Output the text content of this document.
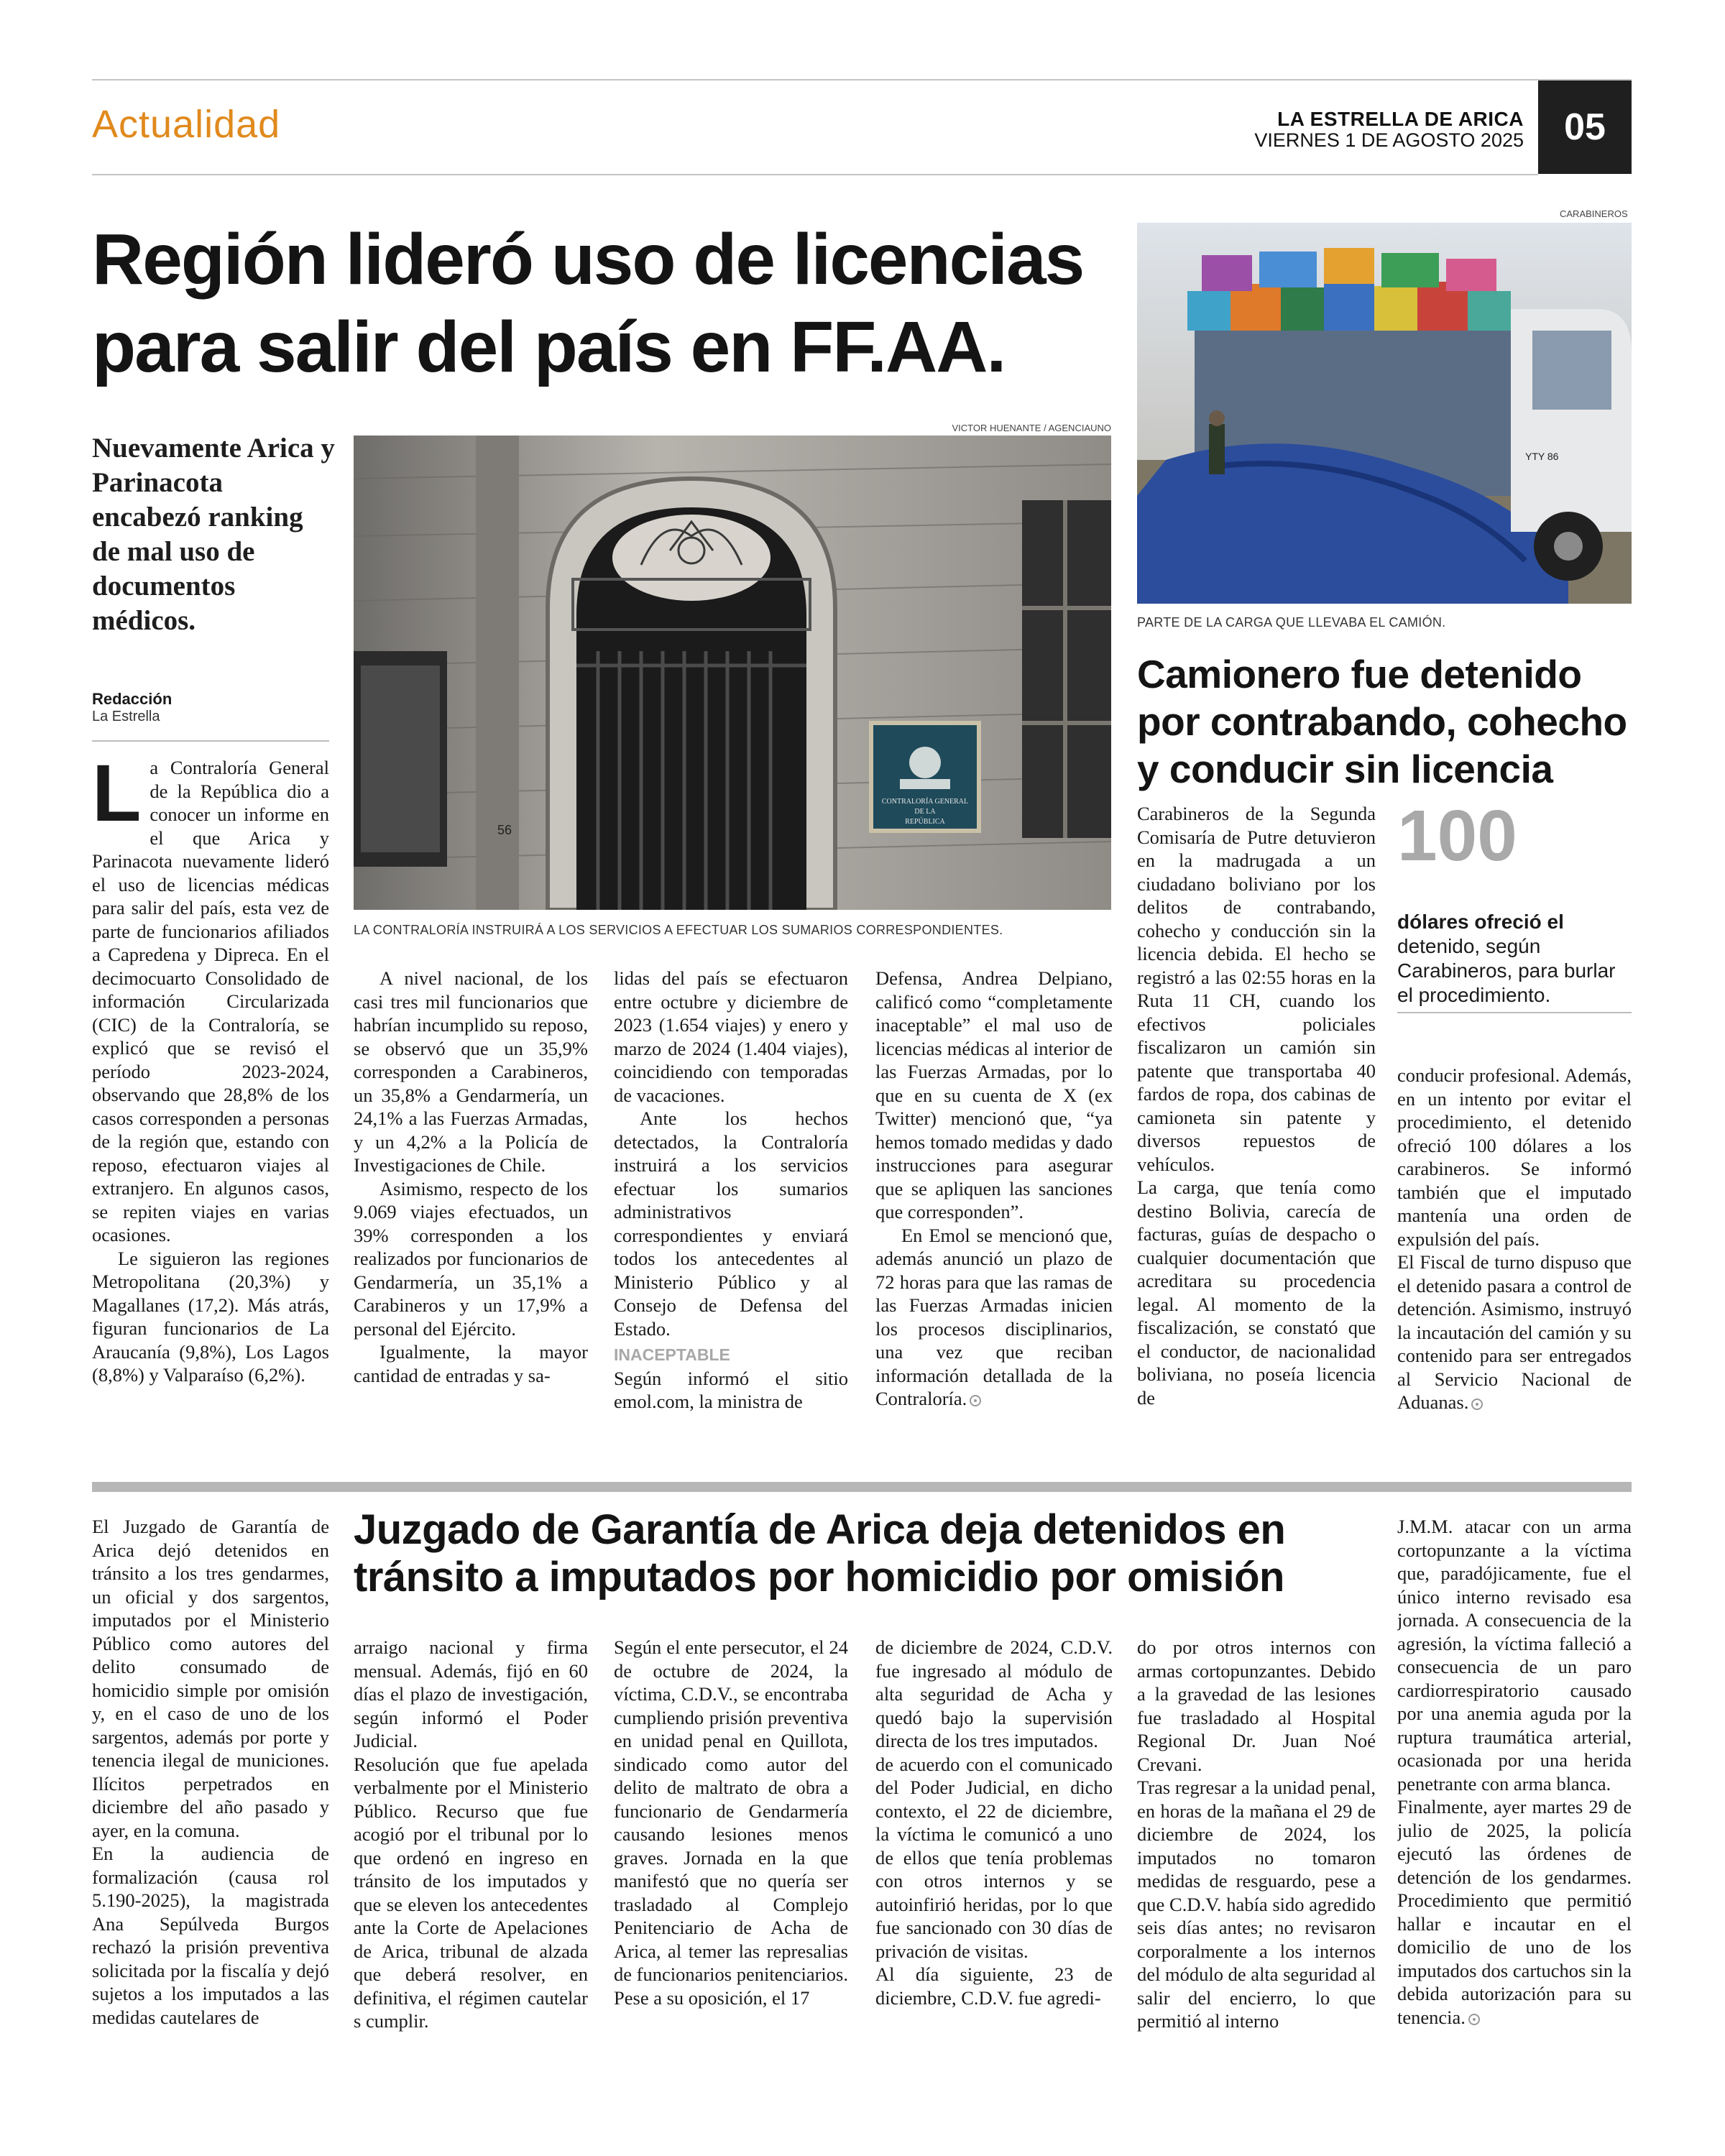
Actualidad	LA ESTRELLA DE ARICA
VIERNES 1 DE AGOSTO 2025 05
Región lideró uso de licencias para salir del país en FF.AA.
Nuevamente Arica y Parinacota encabezó ranking de mal uso de documentos médicos.
Redacción
La Estrella
VICTOR HUENANTE / AGENCIAUNO
56
CONTRALORÍA GENERAL
DE LA
REPÚBLICA
LA CONTRALORÍA INSTRUIRÁ A LOS SERVICIOS A EFECTUAR LOS SUMARIOS CORRESPONDIENTES.

La Contraloría General de la República dio a conocer un informe en el que Arica y Parinacota nuevamente lideró el uso de licencias médicas para salir del país, esta vez de parte de funcionarios afiliados a Capredena y Dipreca. En el decimocuarto Consolidado de información Circularizada (CIC) de la Contraloría, se explicó que se revisó el período 2023-2024, observando que 28,8% de los casos corresponden a personas de la región que, estando con reposo, efectuaron viajes al extranjero. En algunos casos, se repiten viajes en varias ocasiones.

Le siguieron las regiones Metropolitana (20,3%) y Magallanes (17,2). Más atrás, figuran funcionarios de La Araucanía (9,8%), Los Lagos (8,8%) y Valparaíso (6,2%).

A nivel nacional, de los casi tres mil funcionarios que habrían incumplido su reposo, se observó que un 35,9% corresponden a Carabineros, un 35,8% a Gendarmería, un 24,1% a las Fuerzas Armadas, y un 4,2% a la Policía de Investigaciones de Chile.

Asimismo, respecto de los 9.069 viajes efectuados, un 39% corresponden a los realizados por funcionarios de Gendarmería, un 35,1% a Carabineros y un 17,9% a personal del Ejército.

Igualmente, la mayor cantidad de entradas y sa-

lidas del país se efectuaron entre octubre y diciembre de 2023 (1.654 viajes) y enero y marzo de 2024 (1.404 viajes), coincidiendo con temporadas de vacaciones.

Ante los hechos detectados, la Contraloría instruirá a los servicios efectuar los sumarios administrativos correspondientes y enviará todos los antecedentes al Ministerio Público y al Consejo de Defensa del Estado.

INACEPTABLE

Según informó el sitio emol.com, la ministra de

Defensa, Andrea Delpiano, calificó como “completamente inaceptable” el mal uso de licencias médicas al interior de las Fuerzas Armadas, por lo que en su cuenta de X (ex Twitter) mencionó que, “ya hemos tomado medidas y dado instrucciones para asegurar que se apliquen las sanciones que corresponden”.

En Emol se mencionó que, además anunció un plazo de 72 horas para que las ramas de las Fuerzas Armadas inicien los procesos disciplinarios, una vez que reciban información detallada de la Contraloría.

CARABINEROS
YTY 86
PARTE DE LA CARGA QUE LLEVABA EL CAMIÓN.
Camionero fue detenido por contrabando, cohecho y conducir sin licencia

Carabineros de la Segunda Comisaría de Putre detuvieron en la madrugada a un ciudadano boliviano por los delitos de contrabando, cohecho y conducción sin la licencia debida. El hecho se registró a las 02:55 horas en la Ruta 11 CH, cuando los efectivos policiales fiscalizaron un camión sin patente que transportaba 40 fardos de ropa, dos cabinas de camioneta sin patente y diversos repuestos de vehículos.

La carga, que tenía como destino Bolivia, carecía de facturas, guías de despacho o cualquier documentación que acreditara su procedencia legal. Al momento de la fiscalización, se constató que el conductor, de nacionalidad boliviana, no poseía licencia de

100
dólares ofreció el detenido, según Carabineros, para burlar el procedimiento.

conducir profesional. Además, en un intento por evitar el procedimiento, el detenido ofreció 100 dólares a los carabineros. Se informó también que el imputado mantenía una orden de expulsión del país.

El Fiscal de turno dispuso que el detenido pasara a control de detención. Asimismo, instruyó la incautación del camión y su contenido para ser entregados al Servicio Nacional de Aduanas.

El Juzgado de Garantía de Arica dejó detenidos en tránsito a los tres gendarmes, un oficial y dos sargentos, imputados por el Ministerio Público como autores del delito consumado de homicidio simple por omisión y, en el caso de uno de los sargentos, además por porte y tenencia ilegal de municiones. Ilícitos perpetrados en diciembre del año pasado y ayer, en la comuna.

En la audiencia de formalización (causa rol 5.190-2025), la magistrada Ana Sepúlveda Burgos rechazó la prisión preventiva solicitada por la fiscalía y dejó sujetos a los imputados a las medidas cautelares de

Juzgado de Garantía de Arica deja detenidos en tránsito a imputados por homicidio por omisión

arraigo nacional y firma mensual. Además, fijó en 60 días el plazo de investigación, según informó el Poder Judicial.

Resolución que fue apelada verbalmente por el Ministerio Público. Recurso que fue acogió por el tribunal por lo que ordenó en ingreso en tránsito de los imputados y que se eleven los antecedentes ante la Corte de Apelaciones de Arica, tribunal de alzada que deberá resolver, en definitiva, el régimen cautelar s cumplir.

Según el ente persecutor, el 24 de octubre de 2024, la víctima, C.D.V., se encontraba cumpliendo prisión preventiva en unidad penal en Quillota, sindicado como autor del delito de maltrato de obra a funcionario de Gendarmería causando lesiones menos graves. Jornada en la que manifestó que no quería ser trasladado al Complejo Penitenciario de Acha de Arica, al temer las represalias de funcionarios penitenciarios.

Pese a su oposición, el 17

de diciembre de 2024, C.D.V. fue ingresado al módulo de alta seguridad de Acha y quedó bajo la supervisión directa de los tres imputados.

de acuerdo con el comunicado del Poder Judicial, en dicho contexto, el 22 de diciembre, la víctima le comunicó a uno de ellos que tenía problemas con otros internos y se autoinfirió heridas, por lo que fue sancionado con 30 días de privación de visitas.

Al día siguiente, 23 de diciembre, C.D.V. fue agredi-

do por otros internos con armas cortopunzantes. Debido a la gravedad de las lesiones fue trasladado al Hospital Regional Dr. Juan Noé Crevani.

Tras regresar a la unidad penal, en horas de la mañana el 29 de diciembre de 2024, los imputados no tomaron medidas de resguardo, pese a que C.D.V. había sido agredido seis días antes; no revisaron corporalmente a los internos del módulo de alta seguridad al salir del encierro, lo que permitió al interno

J.M.M. atacar con un arma cortopunzante a la víctima que, paradójicamente, fue el único interno revisado esa jornada. A consecuencia de la agresión, la víctima falleció a consecuencia de un paro cardiorrespiratorio causado por una anemia aguda por la ruptura traumática arterial, ocasionada por una herida penetrante con arma blanca.

Finalmente, ayer martes 29 de julio de 2025, la policía ejecutó las órdenes de detención de los gendarmes. Procedimiento que permitió hallar e incautar en el domicilio de uno de los imputados dos cartuchos sin la debida autorización para su tenencia.
